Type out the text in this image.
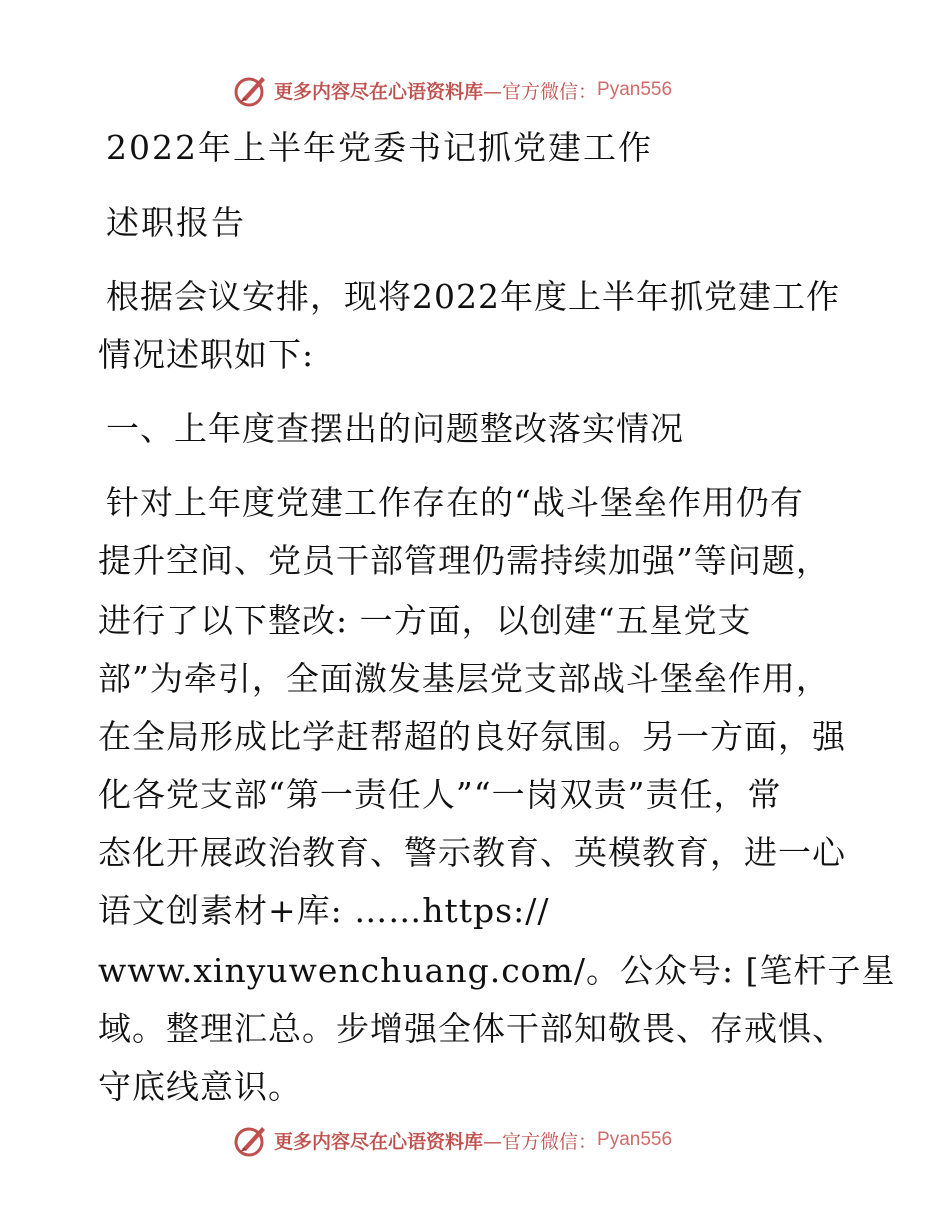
更多内容尽在心语资料库 —官方微信： Pyan556
2022年上半年党委书记抓党建工作
述职报告
根据会议安排，现将2022年度上半年抓党建工作
情况述职如下:
一、上年度查摆出的问题整改落实情况
针对上年度党建工作存在的“战斗堡垒作用仍有
提升空间、党员干部管理仍需持续加强”等问题，
进行了以下整改: 一方面，以创建“五星党支
部”为牵引，全面激发基层党支部战斗堡垒作用，
在全局形成比学赶帮超的良好氛围。另一方面，强
化各党支部“第一责任人”“一岗双责”责任，常
态化开展政治教育、警示教育、英模教育，进一心
语文创素材+库: ……https://
www.xinyuwenchuang.com/。公众号: [笔杆子星
域。整理汇总。步增强全体干部知敬畏、存戒惧、
守底线意识。
更多内容尽在心语资料库 —官方微信： Pyan556
